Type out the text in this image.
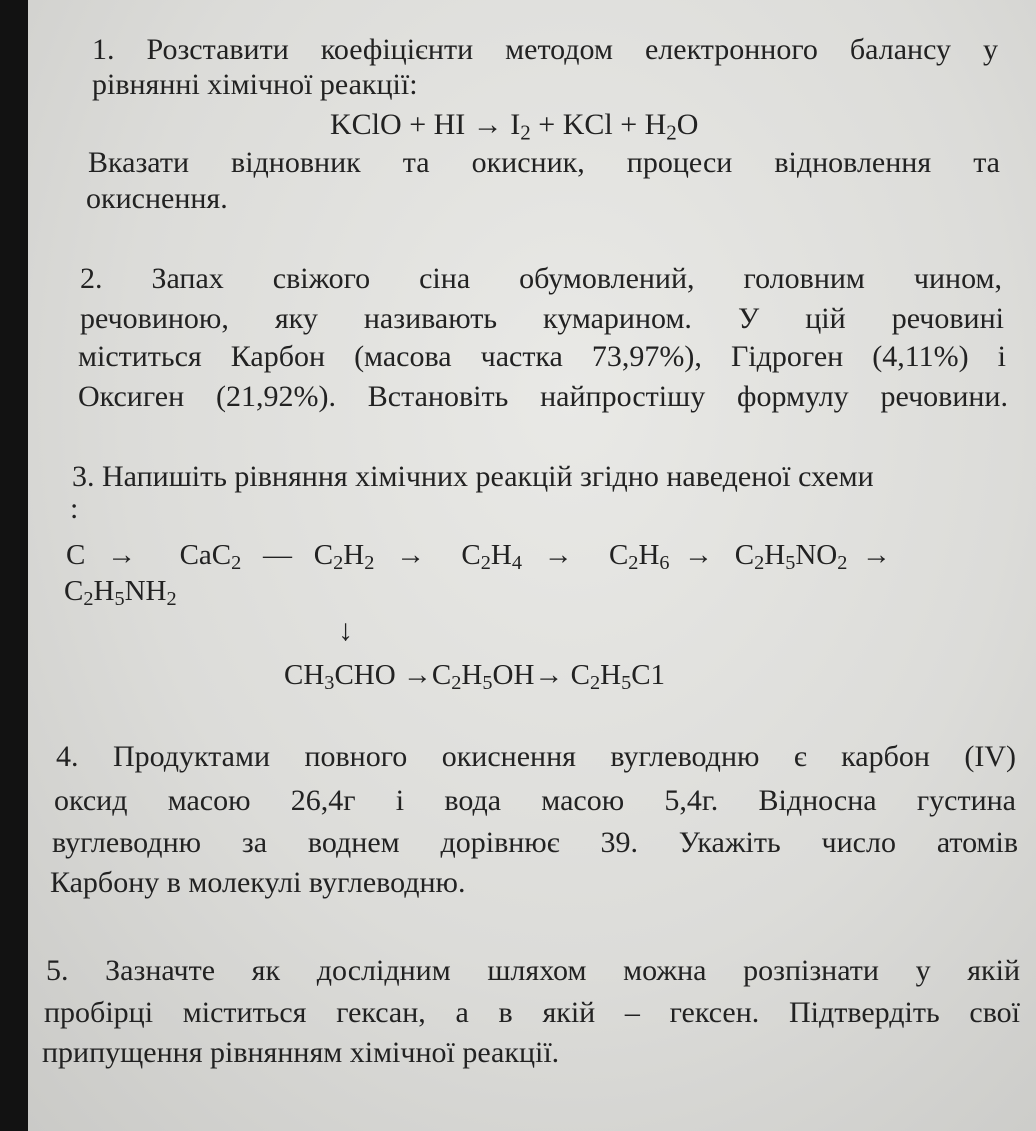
1. Розставити коефіцієнти методом електронного балансу у
рівнянні хімічної реакції:
KClO + HI → $I_2$ + KCl + $H_2O$
Вказати відновник та окисник, процеси відновлення та
окиснення.
2. Запах свіжого сіна обумовлений, головним чином,
речовиною, яку називають кумарином. У цій речовині
міститься Карбон (масова частка 73,97%), Гідроген (4,11%) і
Оксиген (21,92%). Встановіть найпростішу формулу речовини.
3. Напишіть рівняння хімічних реакцій згідно наведеної схеми
:
C → CaC$_2$ — $C_2H_2 \to C_2H_4 \to C_2H_6 \to C_2H_5NO_2$ →
$C_2H_5NH_2$
↓
$CH_3CHO \to C_2H_5OH\to C_2H_5C1$
4. Продуктами повного окиснення вуглеводню є карбон (IV)
оксид масою 26,4г і вода масою 5,4г. Відносна густина
вуглеводню за воднем дорівнює 39. Укажіть число атомів
Карбону в молекулі вуглеводню.
5. Зазначте як дослідним шляхом можна розпізнати у якій
пробірці міститься гексан, а в якій – гексен. Підтвердіть свої
припущення рівнянням хімічної реакції.
